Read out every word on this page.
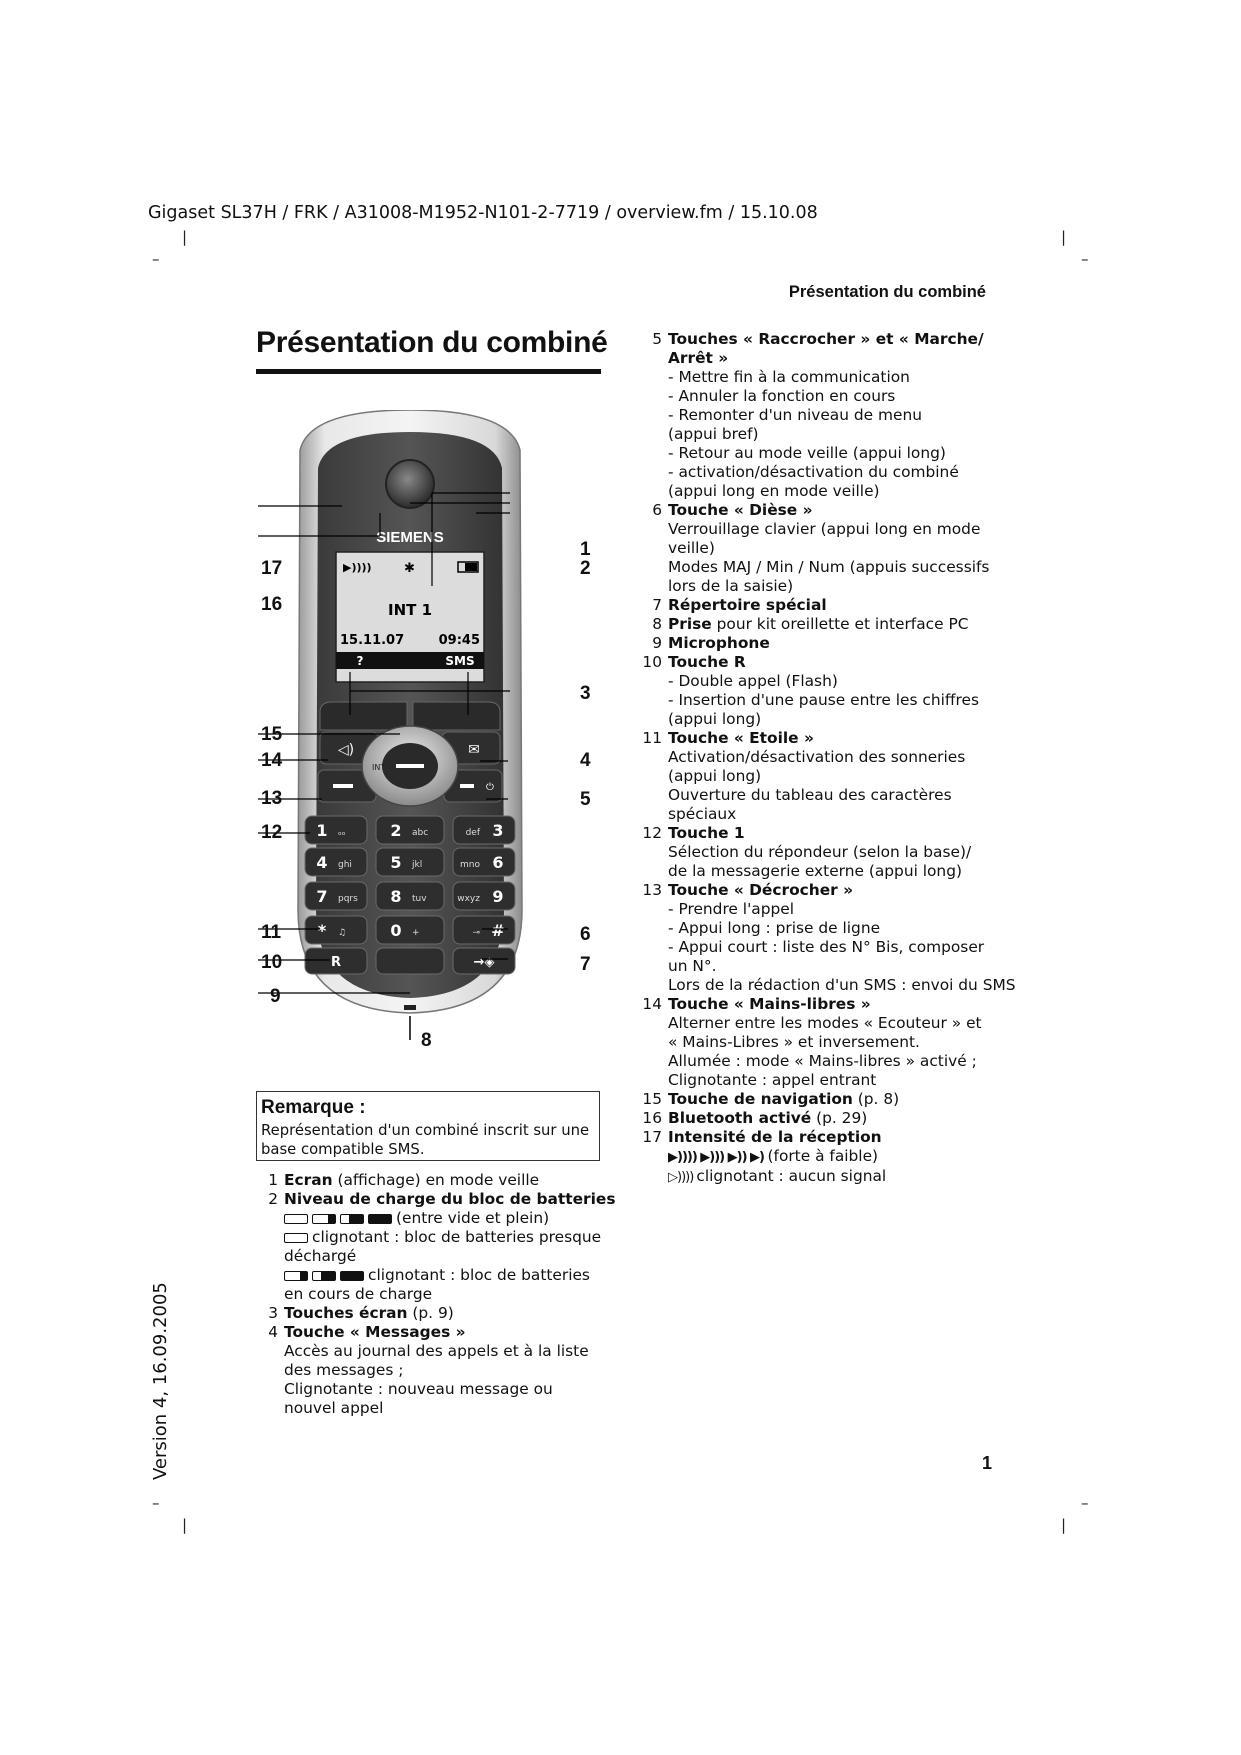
Gigaset SL37H / FRK / A31008-M1952-N101-2-7719 / overview.fm / 15.10.08
|	|
–	–
–	–
|	|
Présentation du combiné
Présentation du combiné
SIEMENS
▶)))) ✱
INT 1
15.11.07	09:45
?	SMS
◁)	✉
⏻
INT
1 ₒₒ	2 abc	3
def
4 ghi 5 jkl	6
mno
7 pqrs 8 tuv	9
wxyz
* ♫	0 +	#
⊸
R	→◈
1
2
3
4
5
6
7
8
9
10
11
12
13
14
15
16
17
Remarque :
Représentation d'un combiné inscrit sur une base compatible SMS.
1 Ecran (affichage) en mode veille
2 Niveau de charge du bloc de batteries
(entre vide et plein)
clignotant : bloc de batteries presque
déchargé
clignotant : bloc de batteries
en cours de charge
3 Touches écran (p. 9)
4 Touche « Messages »
Accès au journal des appels et à la liste
des messages ;
Clignotante : nouveau message ou
nouvel appel
5 Touches « Raccrocher » et « Marche/
Arrêt »
- Mettre fin à la communication
- Annuler la fonction en cours
- Remonter d'un niveau de menu
(appui bref)
- Retour au mode veille (appui long)
- activation/désactivation du combiné
(appui long en mode veille)
6 Touche « Dièse »
Verrouillage clavier (appui long en mode
veille)
Modes MAJ / Min / Num (appuis successifs
lors de la saisie)
7 Répertoire spécial
8 Prise pour kit oreillette et interface PC
9 Microphone
10 Touche R
- Double appel (Flash)
- Insertion d'une pause entre les chiffres
(appui long)
11 Touche « Etoile »
Activation/désactivation des sonneries
(appui long)
Ouverture du tableau des caractères
spéciaux
12 Touche 1
Sélection du répondeur (selon la base)/
de la messagerie externe (appui long)
13 Touche « Décrocher »
- Prendre l'appel
- Appui long : prise de ligne
- Appui court : liste des N° Bis, composer
un N°.
Lors de la rédaction d'un SMS : envoi du SMS
14 Touche « Mains-libres »
Alterner entre les modes « Ecouteur » et
« Mains-Libres » et inversement.
Allumée : mode « Mains-libres » activé ;
Clignotante : appel entrant
15 Touche de navigation (p. 8)
16 Bluetooth activé (p. 29)
17 Intensité de la réception
▶)))) ▶))) ▶)) ▶) (forte à faible)
▷)))) clignotant : aucun signal
1
Version 4, 16.09.2005
